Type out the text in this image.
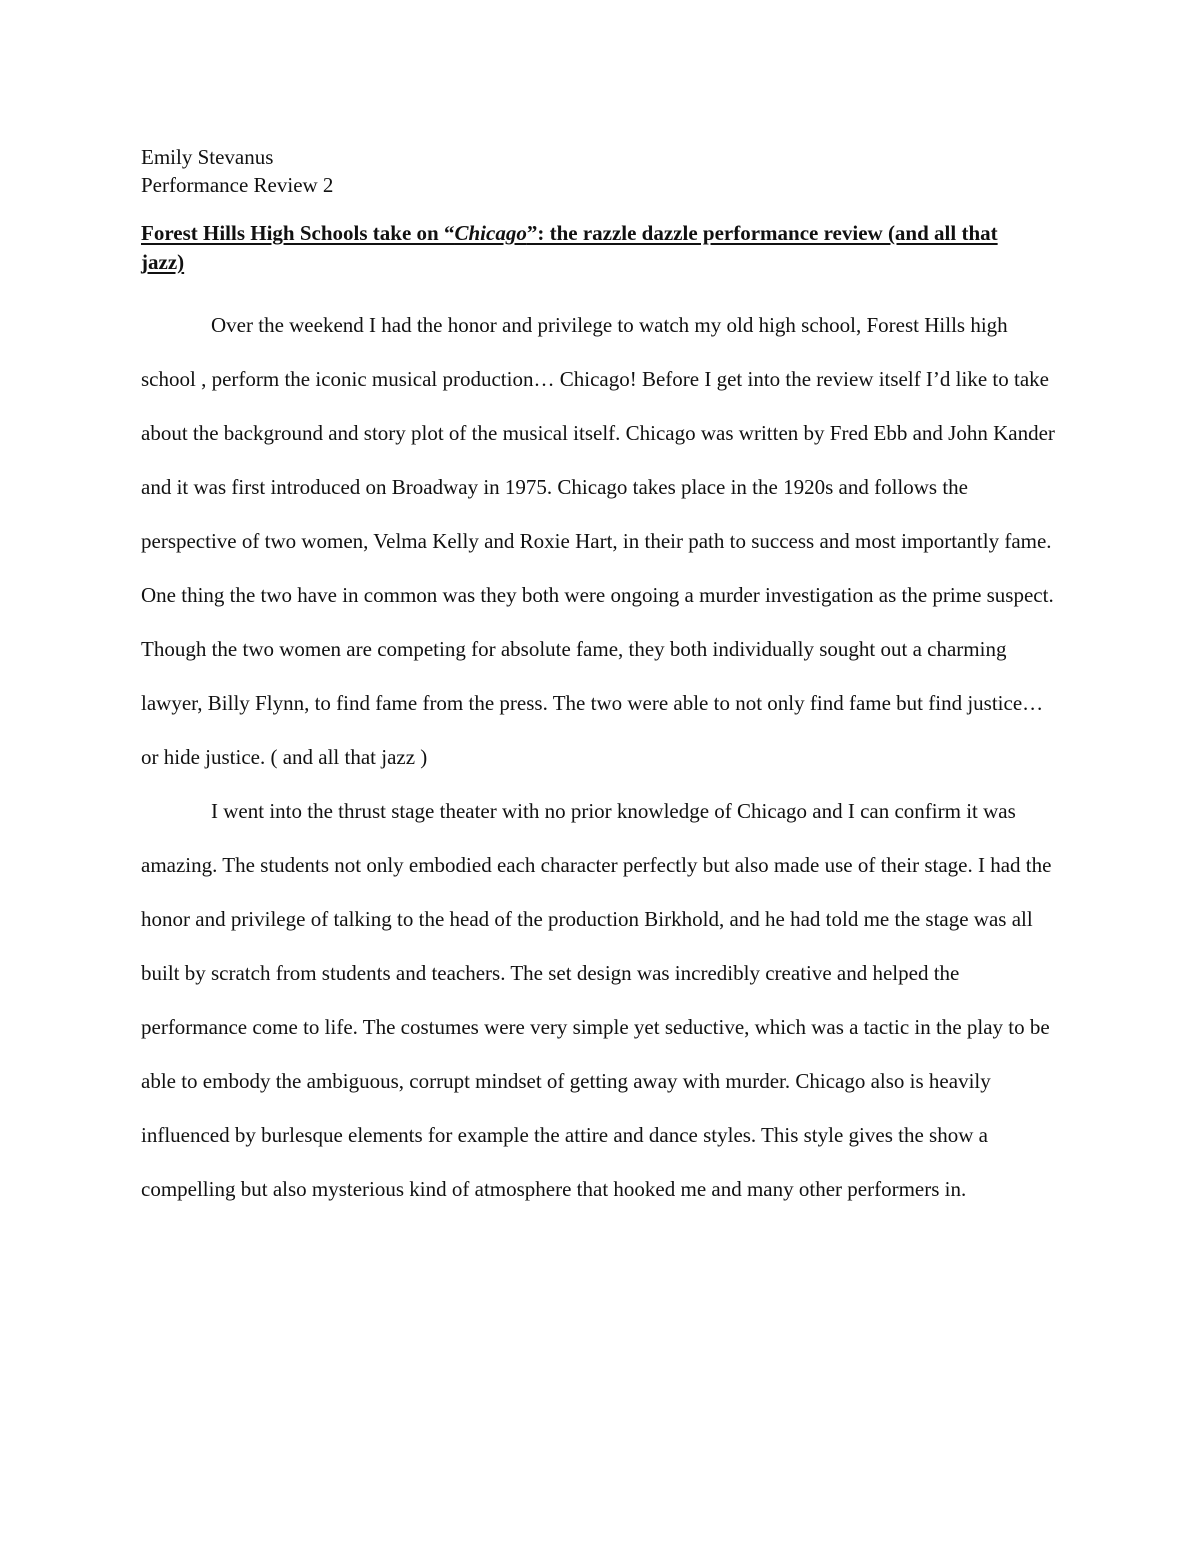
Emily Stevanus

Performance Review 2

Forest Hills High Schools take on “Chicago”: the razzle dazzle performance review (and all that jazz)

Over the weekend I had the honor and privilege to watch my old high school, Forest Hills high school , perform the iconic musical production… Chicago! Before I get into the review itself I’d like to take about the background and story plot of the musical itself. Chicago was written by Fred Ebb and John Kander and it was first introduced on Broadway in 1975. Chicago takes place in the 1920s and follows the perspective of two women, Velma Kelly and Roxie Hart, in their path to success and most importantly fame. One thing the two have in common was they both were ongoing a murder investigation as the prime suspect. Though the two women are competing for absolute fame, they both individually sought out a charming lawyer, Billy Flynn, to find fame from the press. The two were able to not only find fame but find justice… or hide justice. ( and all that jazz )

I went into the thrust stage theater with no prior knowledge of Chicago and I can confirm it was amazing. The students not only embodied each character perfectly but also made use of their stage. I had the honor and privilege of talking to the head of the production Birkhold, and he had told me the stage was all built by scratch from students and teachers. The set design was incredibly creative and helped the performance come to life. The costumes were very simple yet seductive, which was a tactic in the play to be able to embody the ambiguous, corrupt mindset of getting away with murder. Chicago also is heavily influenced by burlesque elements for example the attire and dance styles. This style gives the show a compelling but also mysterious kind of atmosphere that hooked me and many other performers in.
